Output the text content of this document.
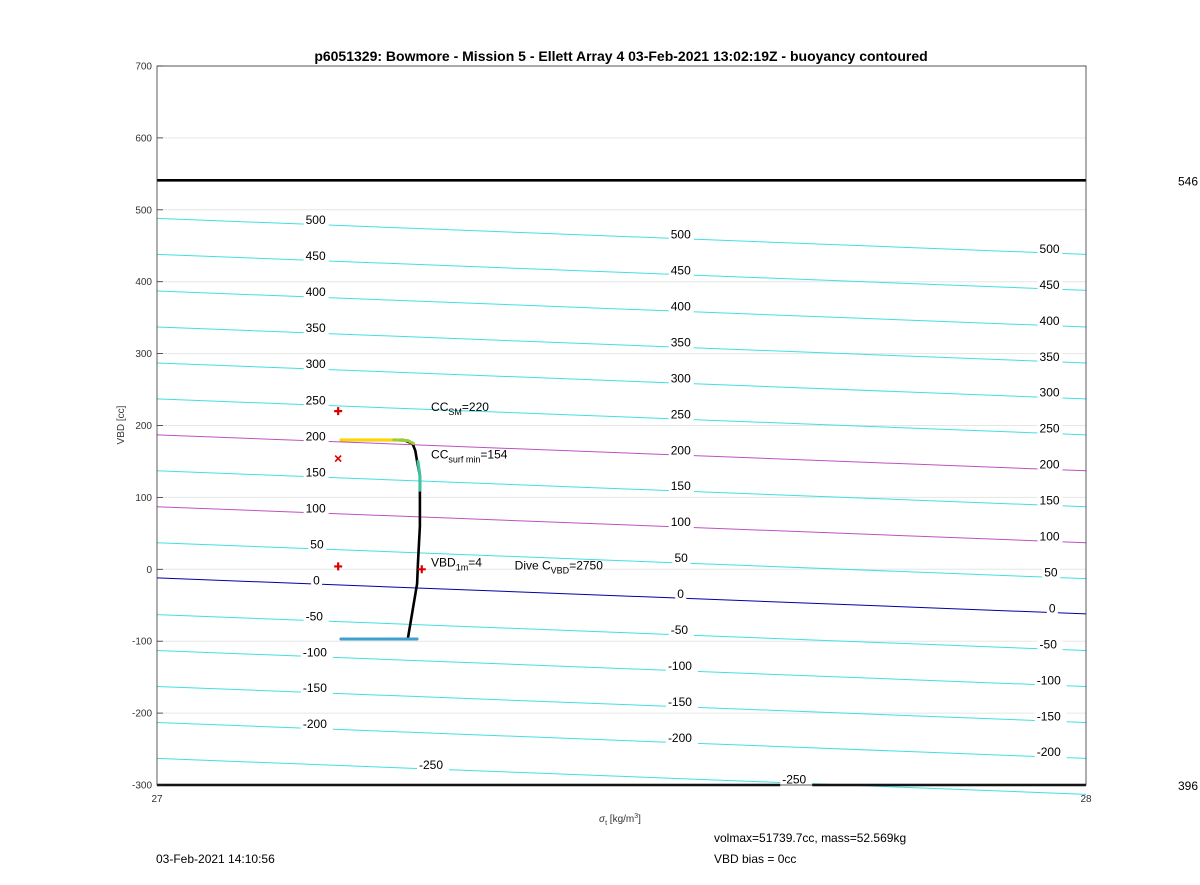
546
396
500
450
400
350
300
250
200
150
100
50
0
-50
-100
-150
-200
-250
500
450
400
350
300
250
200
150
100
50
0
-50
-100
-150
-200
-250
500
450
400
350
300
250
200
150
100
50
0
-50
-100
-150
-200
$CC_{SM}=220$
$CC_{surf min}=154$
$VBD_{1m}=4$	Dive $C_{VBD}=2750$
-300
-200
-100
0
100
200
300
400
500
600
700
27	28
p6051329: Bowmore - Mission 5 - Ellett Array 4 03-Feb-2021 13:02:19Z - buoyancy contoured
VBD [cc]
$\sigma_t$ $[kg/m^3]$
03-Feb-2021 14:10:56
volmax=51739.7cc, mass=52.569kg
VBD bias = 0cc
